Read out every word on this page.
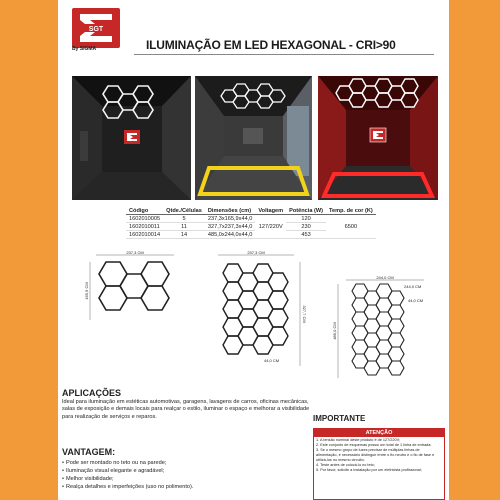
SGT
By SIGMA	ILUMINAÇÃO EM LED HEXAGONAL - CRI>90
Código	Qtde./Células	Dimensões (cm)	Voltagem	Potência (W)	Temp. de cor (K)
1602010005	5	237,3x165,9x44,0	127/220V	120	6500
1602010011	11	327,7x237,3x44,0		230	
1602010014	14	485,0x244,0x44,0		453	
237,3 CM
165,9 CM
237,3 CM
327,7 CM
44,0 CM
244,0 CM
485,0 CM
244,0 CM
44,0 CM
APLICAÇÕES
Ideal para iluminação em estéticas automotivas, garagens, lavagens de carros, oficinas mecânicas, salas de exposição e demais locais para realçar o estilo, iluminar o espaço e melhorar a visibilidade para realização de serviços e reparos.
VANTAGEM:
• Pode ser montado no teto ou na parede;
• Iluminação visual elegante e agradável;
• Melhor visibilidade;
• Realça detalhes e imperfeições (uso no polimento).
IMPORTANTE
ATENÇÃO
1. A tensão nominal deste produto é de 127/220V;
2. Este conjunto de esquemas possui um total de 1 linha de entrada;
3. Se o mesmo grupo de luzes precisar de múltiplas linhas de alimentação, é necessário distinguir entre o fio neutro e o fio de fase e utilizá-los no mesmo circuito.
4. Teste antes de colocá-lo no teto;
5. Por favor, solicite a instalação por um eletricista profissional;
